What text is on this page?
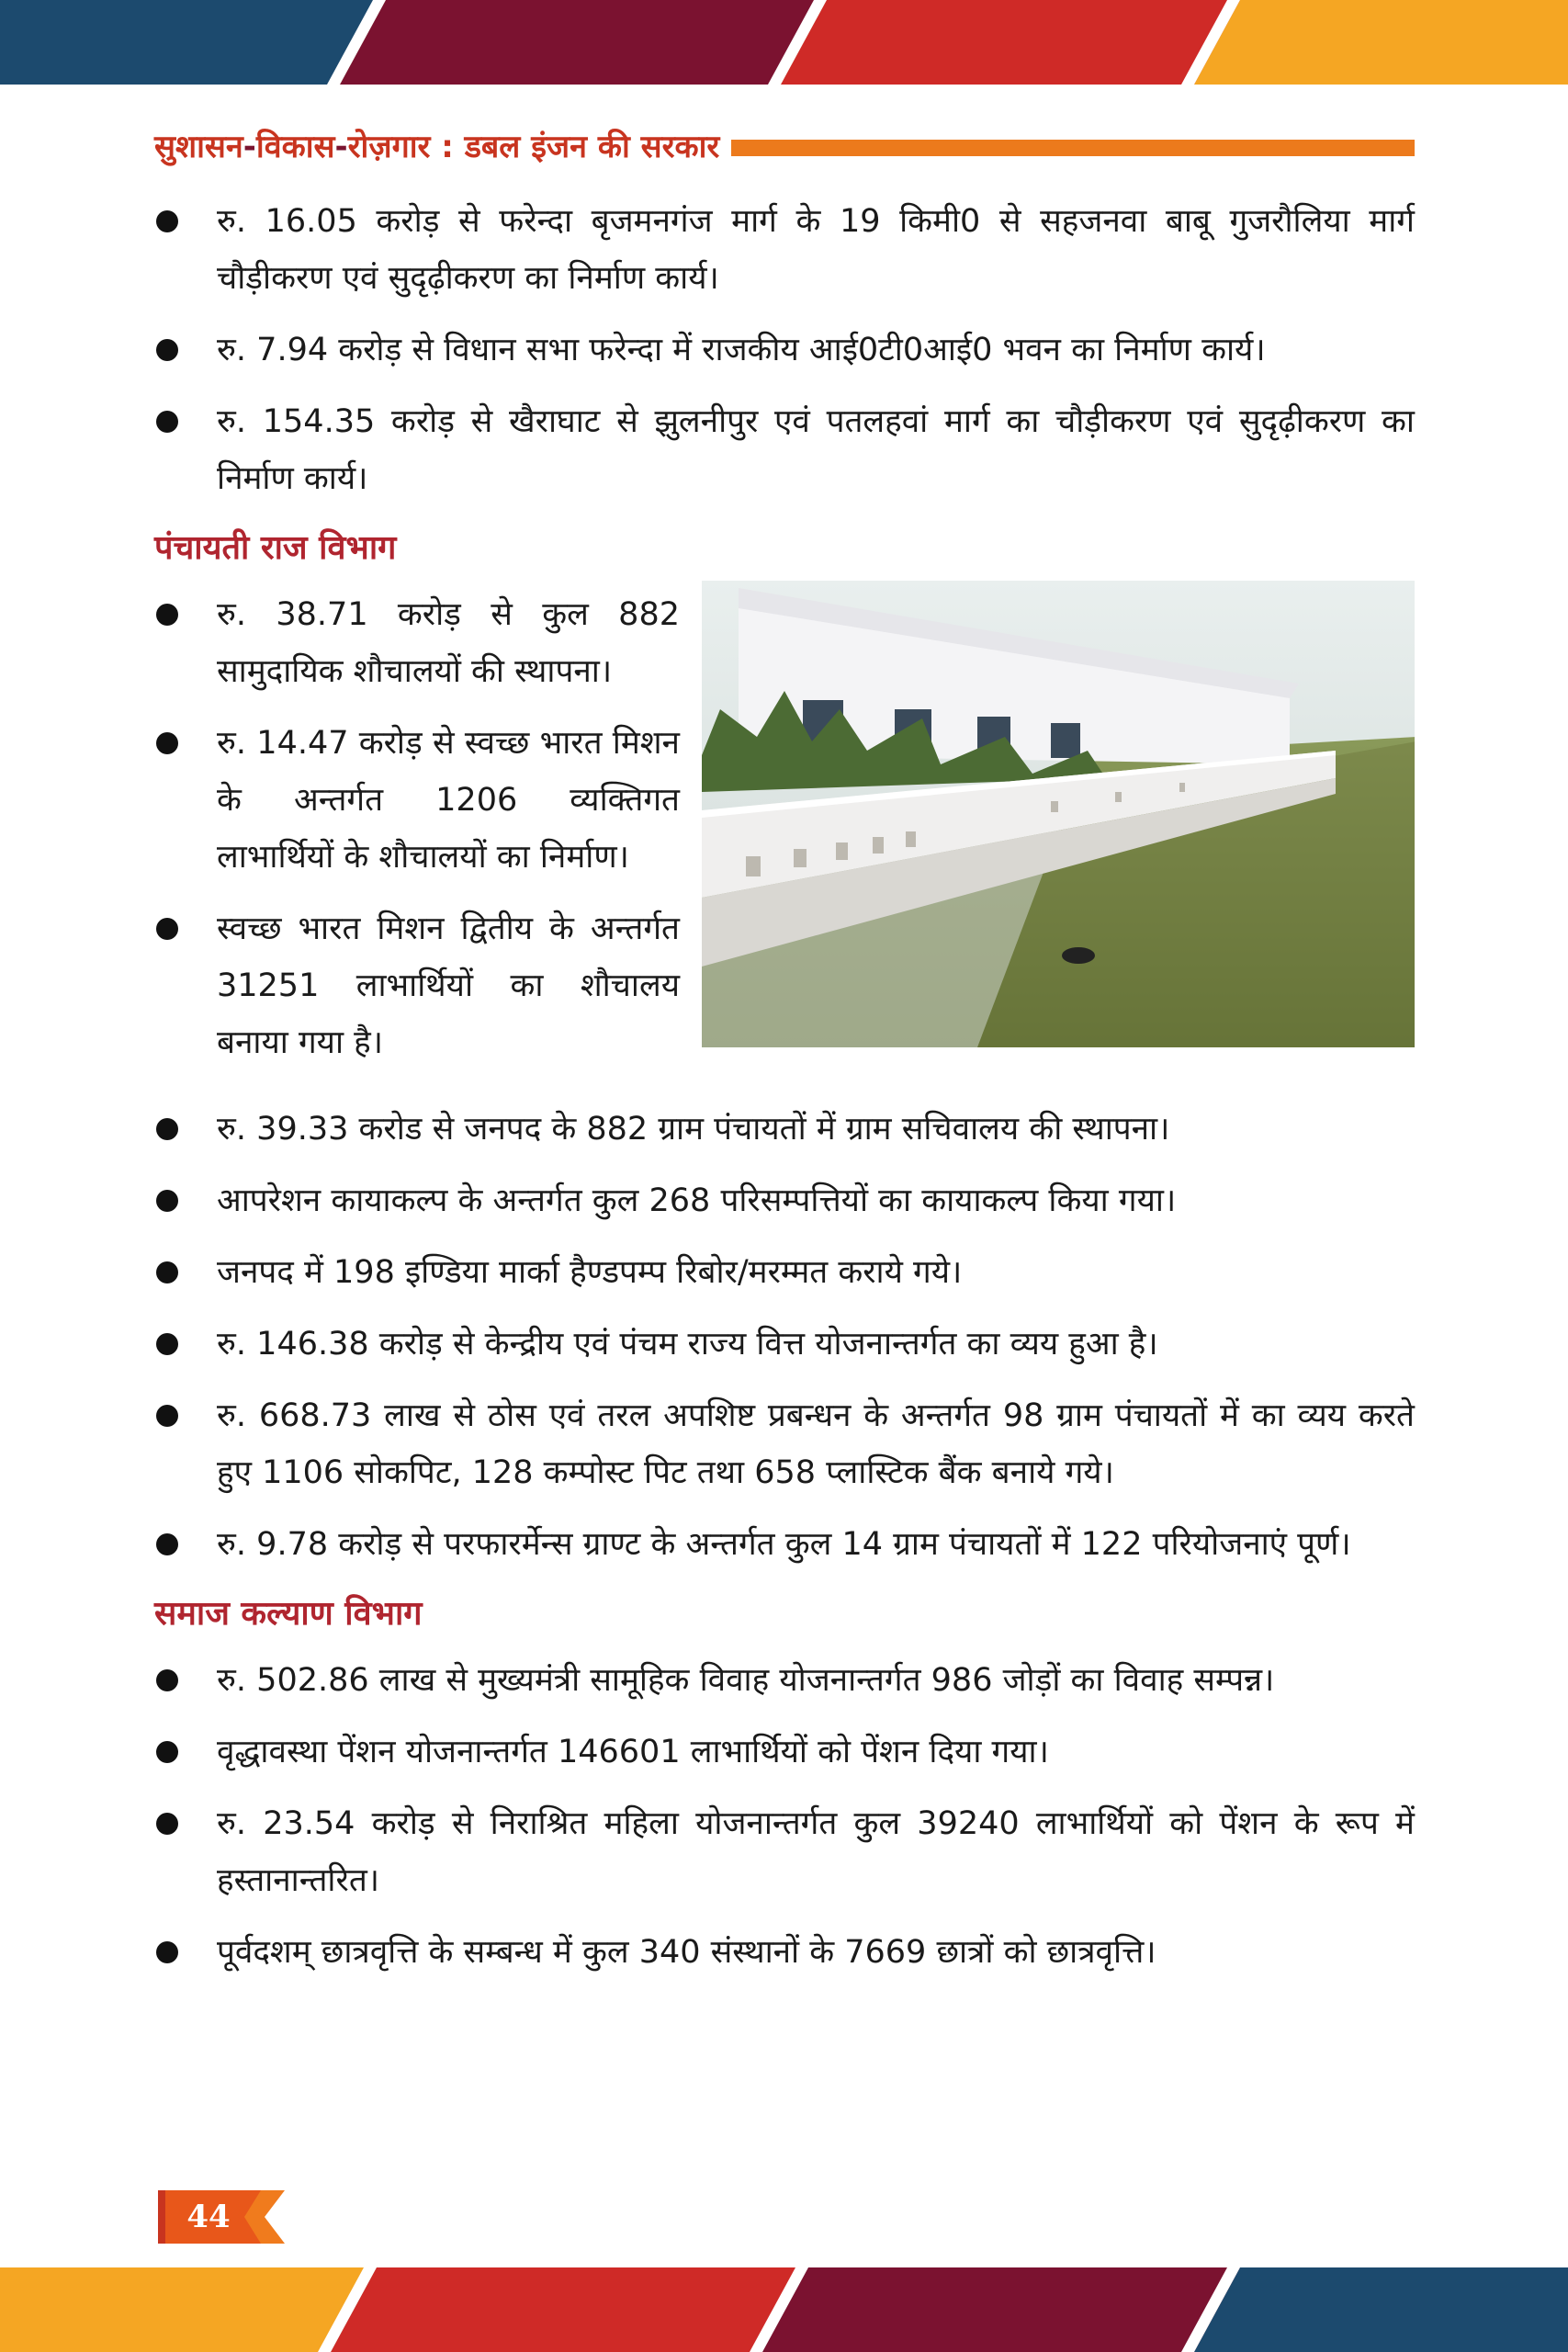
सुशासन-विकास-रोज़गार : डबल इंजन की सरकार
रु. 16.05 करोड़ से फरेन्दा बृजमनगंज मार्ग के 19 किमी0 से सहजनवा बाबू गुजरौलिया मार्ग चौड़ीकरण एवं सुदृढ़ीकरण का निर्माण कार्य।
रु. 7.94 करोड़ से विधान सभा फरेन्दा में राजकीय आई0टी0आई0 भवन का निर्माण कार्य।
रु. 154.35 करोड़ से खैराघाट से झुलनीपुर एवं पतलहवां मार्ग का चौड़ीकरण एवं सुदृढ़ीकरण का निर्माण कार्य।
पंचायती राज विभाग
रु. 38.71 करोड़ से कुल 882 सामुदायिक शौचालयों की स्थापना।
रु. 14.47 करोड़ से स्वच्छ भारत मिशन के अन्तर्गत 1206 व्यक्तिगत लाभार्थियों के शौचालयों का निर्माण।
स्वच्छ भारत मिशन द्वितीय के अन्तर्गत 31251 लाभार्थियों का शौचालय बनाया गया है।
रु. 39.33 करोड से जनपद के 882 ग्राम पंचायतों में ग्राम सचिवालय की स्थापना।
आपरेशन कायाकल्प के अन्तर्गत कुल 268 परिसम्पत्तियों का कायाकल्प किया गया।
जनपद में 198 इण्डिया मार्का हैण्डपम्प रिबोर/मरम्मत कराये गये।
रु. 146.38 करोड़ से केन्द्रीय एवं पंचम राज्य वित्त योजनान्तर्गत का व्यय हुआ है।
रु. 668.73 लाख से ठोस एवं तरल अपशिष्ट प्रबन्धन के अन्तर्गत 98 ग्राम पंचायतों में का व्यय करते हुए 1106 सोकपिट, 128 कम्पोस्ट पिट तथा 658 प्लास्टिक बैंक बनाये गये।
रु. 9.78 करोड़ से परफारर्मेन्स ग्राण्ट के अन्तर्गत कुल 14 ग्राम पंचायतों में 122 परियोजनाएं पूर्ण।
समाज कल्याण विभाग
रु. 502.86 लाख से मुख्यमंत्री सामूहिक विवाह योजनान्तर्गत 986 जोड़ों का विवाह सम्पन्न।
वृद्धावस्था पेंशन योजनान्तर्गत 146601 लाभार्थियों को पेंशन दिया गया।
रु. 23.54 करोड़ से निराश्रित महिला योजनान्तर्गत कुल 39240 लाभार्थियों को पेंशन के रूप में हस्तानान्तरित।
पूर्वदशम् छात्रवृत्ति के सम्बन्ध में कुल 340 संस्थानों के 7669 छात्रों को छात्रवृत्ति।
44
